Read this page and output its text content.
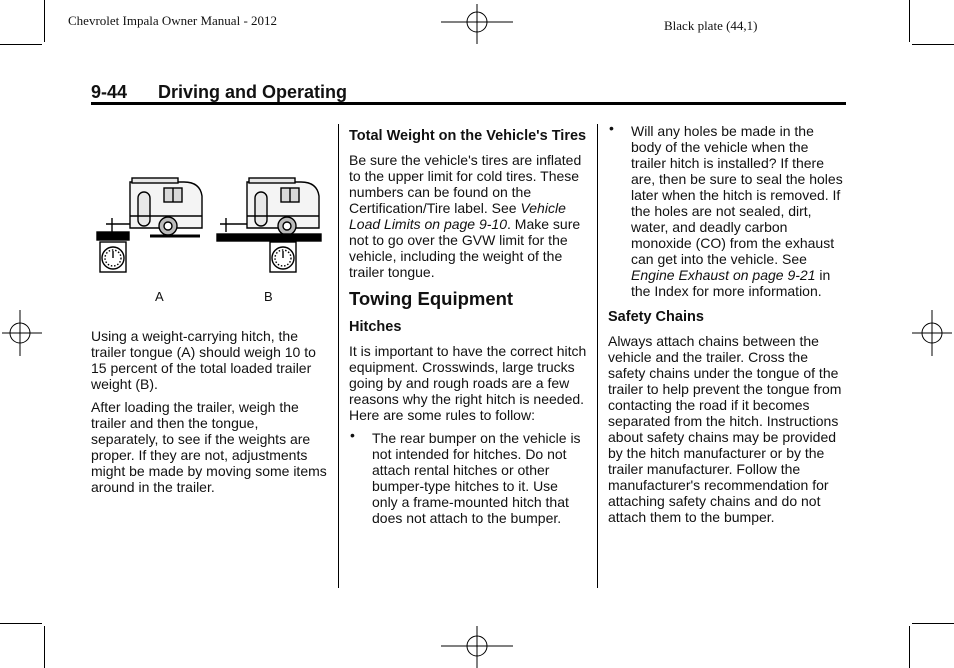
Chevrolet Impala Owner Manual - 2012	Black plate (44,1)
9-44 Driving and Operating
A	B

Using a weight-carrying hitch, the trailer tongue (A) should weigh 10 to 15 percent of the total loaded trailer weight (B).

After loading the trailer, weigh the trailer and then the tongue, separately, to see if the weights are proper. If they are not, adjustments might be made by moving some items around in the trailer.

Total Weight on the Vehicle's Tires

Be sure the vehicle's tires are inflated to the upper limit for cold tires. These numbers can be found on the Certification/Tire label. See Vehicle Load Limits on page 9-10. Make sure not to go over the GVW limit for the vehicle, including the weight of the trailer tongue.

Towing Equipment
Hitches

It is important to have the correct hitch equipment. Crosswinds, large trucks going by and rough roads are a few reasons why the right hitch is needed. Here are some rules to follow:

• The rear bumper on the vehicle is not intended for hitches. Do not attach rental hitches or other bumper-type hitches to it. Use only a frame-mounted hitch that does not attach to the bumper.
• Will any holes be made in the body of the vehicle when the trailer hitch is installed? If there are, then be sure to seal the holes later when the hitch is removed. If the holes are not sealed, dirt, water, and deadly carbon monoxide (CO) from the exhaust can get into the vehicle. See Engine Exhaust on page 9-21 in the Index for more information.
Safety Chains

Always attach chains between the vehicle and the trailer. Cross the safety chains under the tongue of the trailer to help prevent the tongue from contacting the road if it becomes separated from the hitch. Instructions about safety chains may be provided by the hitch manufacturer or by the trailer manufacturer. Follow the manufacturer's recommendation for attaching safety chains and do not attach them to the bumper.
